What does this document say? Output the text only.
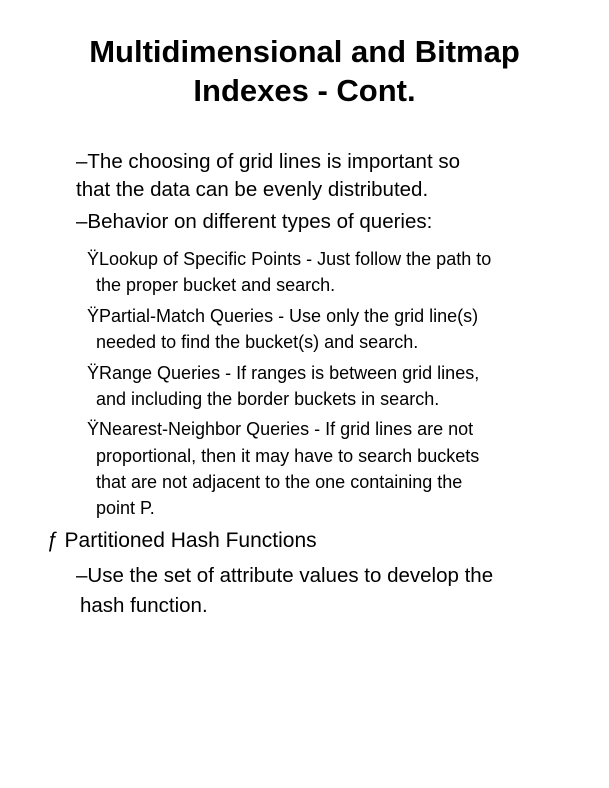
Multidimensional and Bitmap
Indexes - Cont.
–The choosing of grid lines is important so
that the data can be evenly distributed.
–Behavior on different types of queries:
ŸLookup of Specific Points - Just follow the path to
the proper bucket and search.
ŸPartial-Match Queries - Use only the grid line(s)
needed to find the bucket(s) and search.
ŸRange Queries - If ranges is between grid lines,
and including the border buckets in search.
ŸNearest-Neighbor Queries - If grid lines are not
proportional, then it may have to search buckets
that are not adjacent to the one containing the
point P.
ƒ Partitioned Hash Functions
–Use the set of attribute values to develop the
hash function.
